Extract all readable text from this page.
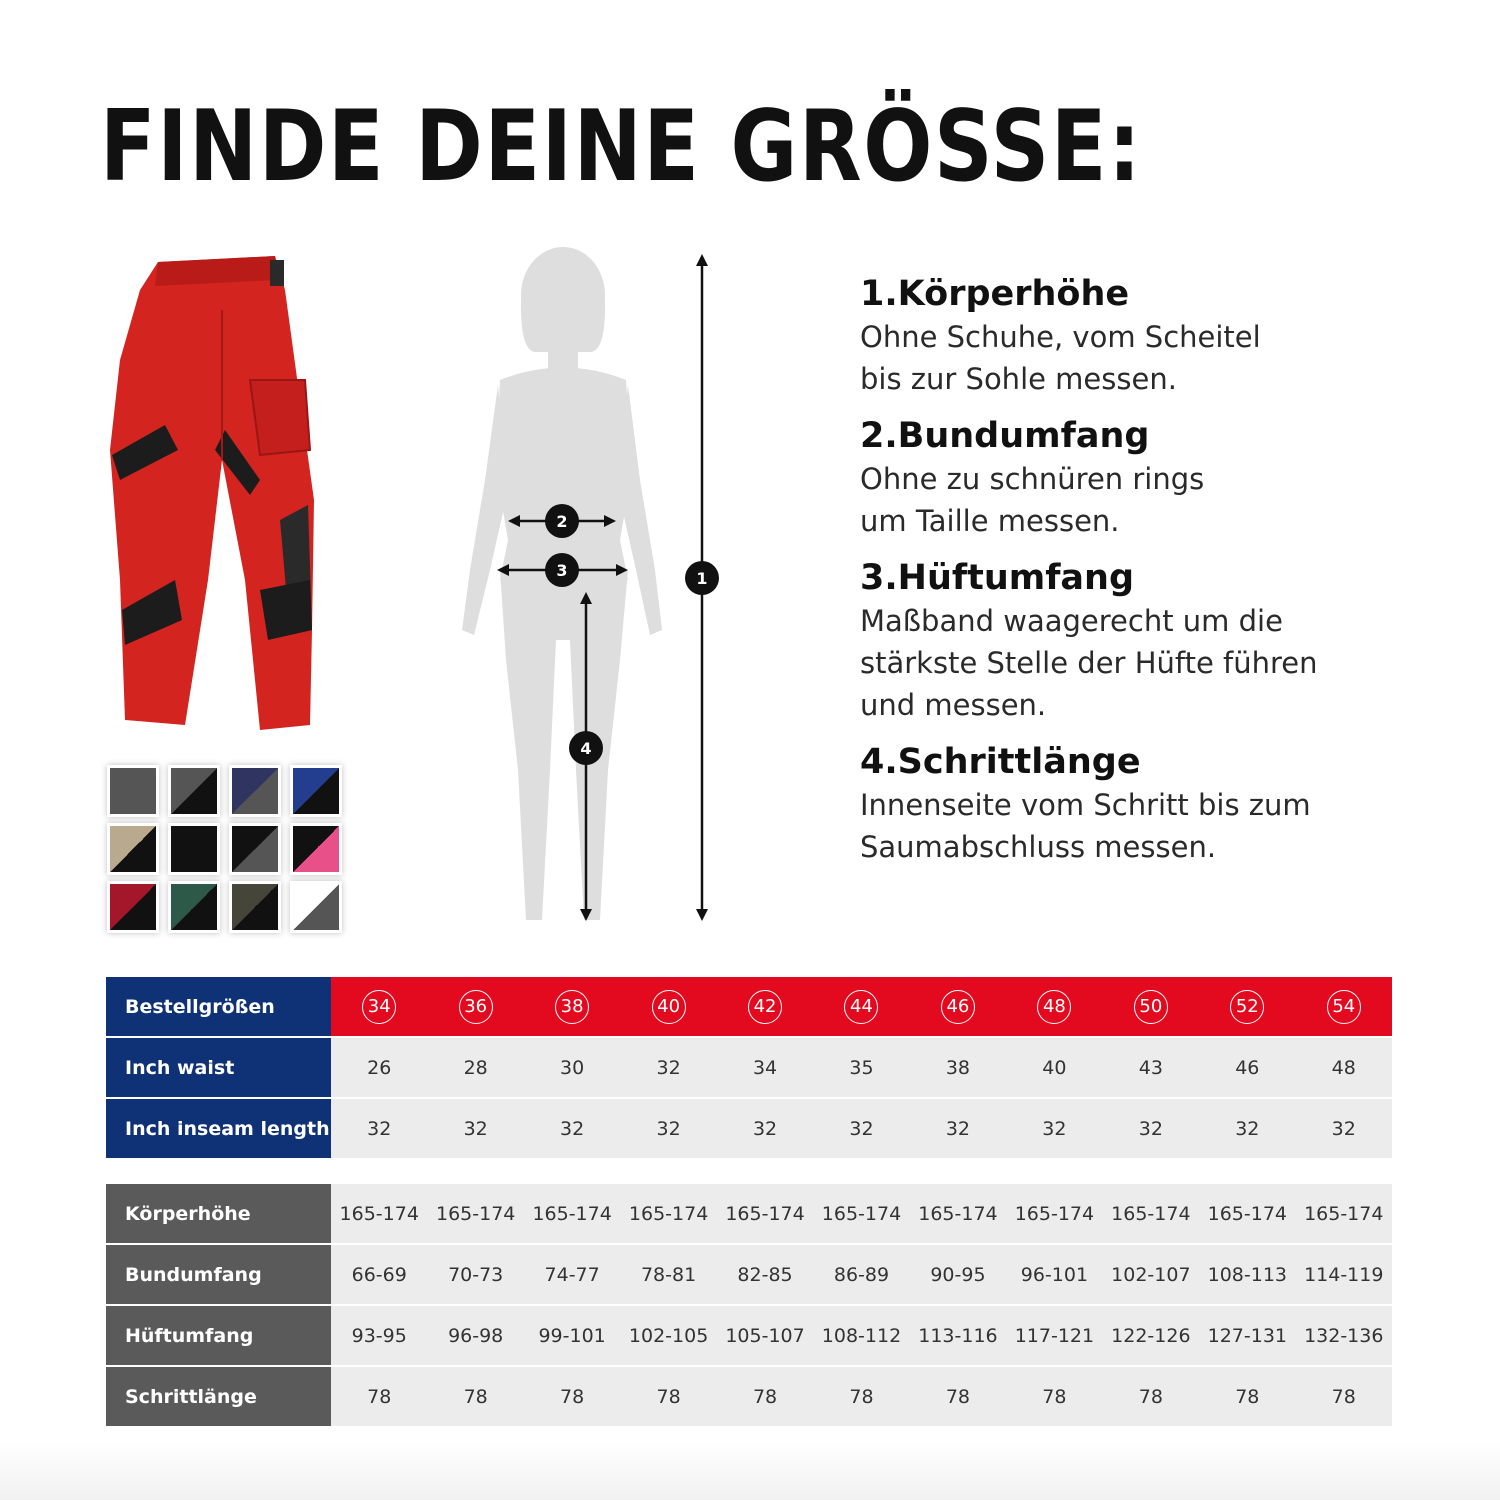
FINDE DEINE GRÖSSE:
1
2
3
4
1.Körperhöhe
Ohne Schuhe, vom Scheitel
bis zur Sohle messen.
2.Bundumfang
Ohne zu schnüren rings
um Taille messen.
3.Hüftumfang
Maßband waagerecht um die
stärkste Stelle der Hüfte führen
und messen.
4.Schrittlänge
Innenseite vom Schritt bis zum
Saumabschluss messen.
Bestellgrößen	34	36	38	40	42	44	46	48	50	52	54
Inch waist	26	28	30	32	34	35	38	40	43	46	48
Inch inseam length	32	32	32	32	32	32	32	32	32	32	32
Körperhöhe	165-174	165-174	165-174	165-174	165-174	165-174	165-174	165-174	165-174	165-174	165-174
Bundumfang	66-69	70-73	74-77	78-81	82-85	86-89	90-95	96-101	102-107	108-113	114-119
Hüftumfang	93-95	96-98	99-101	102-105	105-107	108-112	113-116	117-121	122-126	127-131	132-136
Schrittlänge	78	78	78	78	78	78	78	78	78	78	78
